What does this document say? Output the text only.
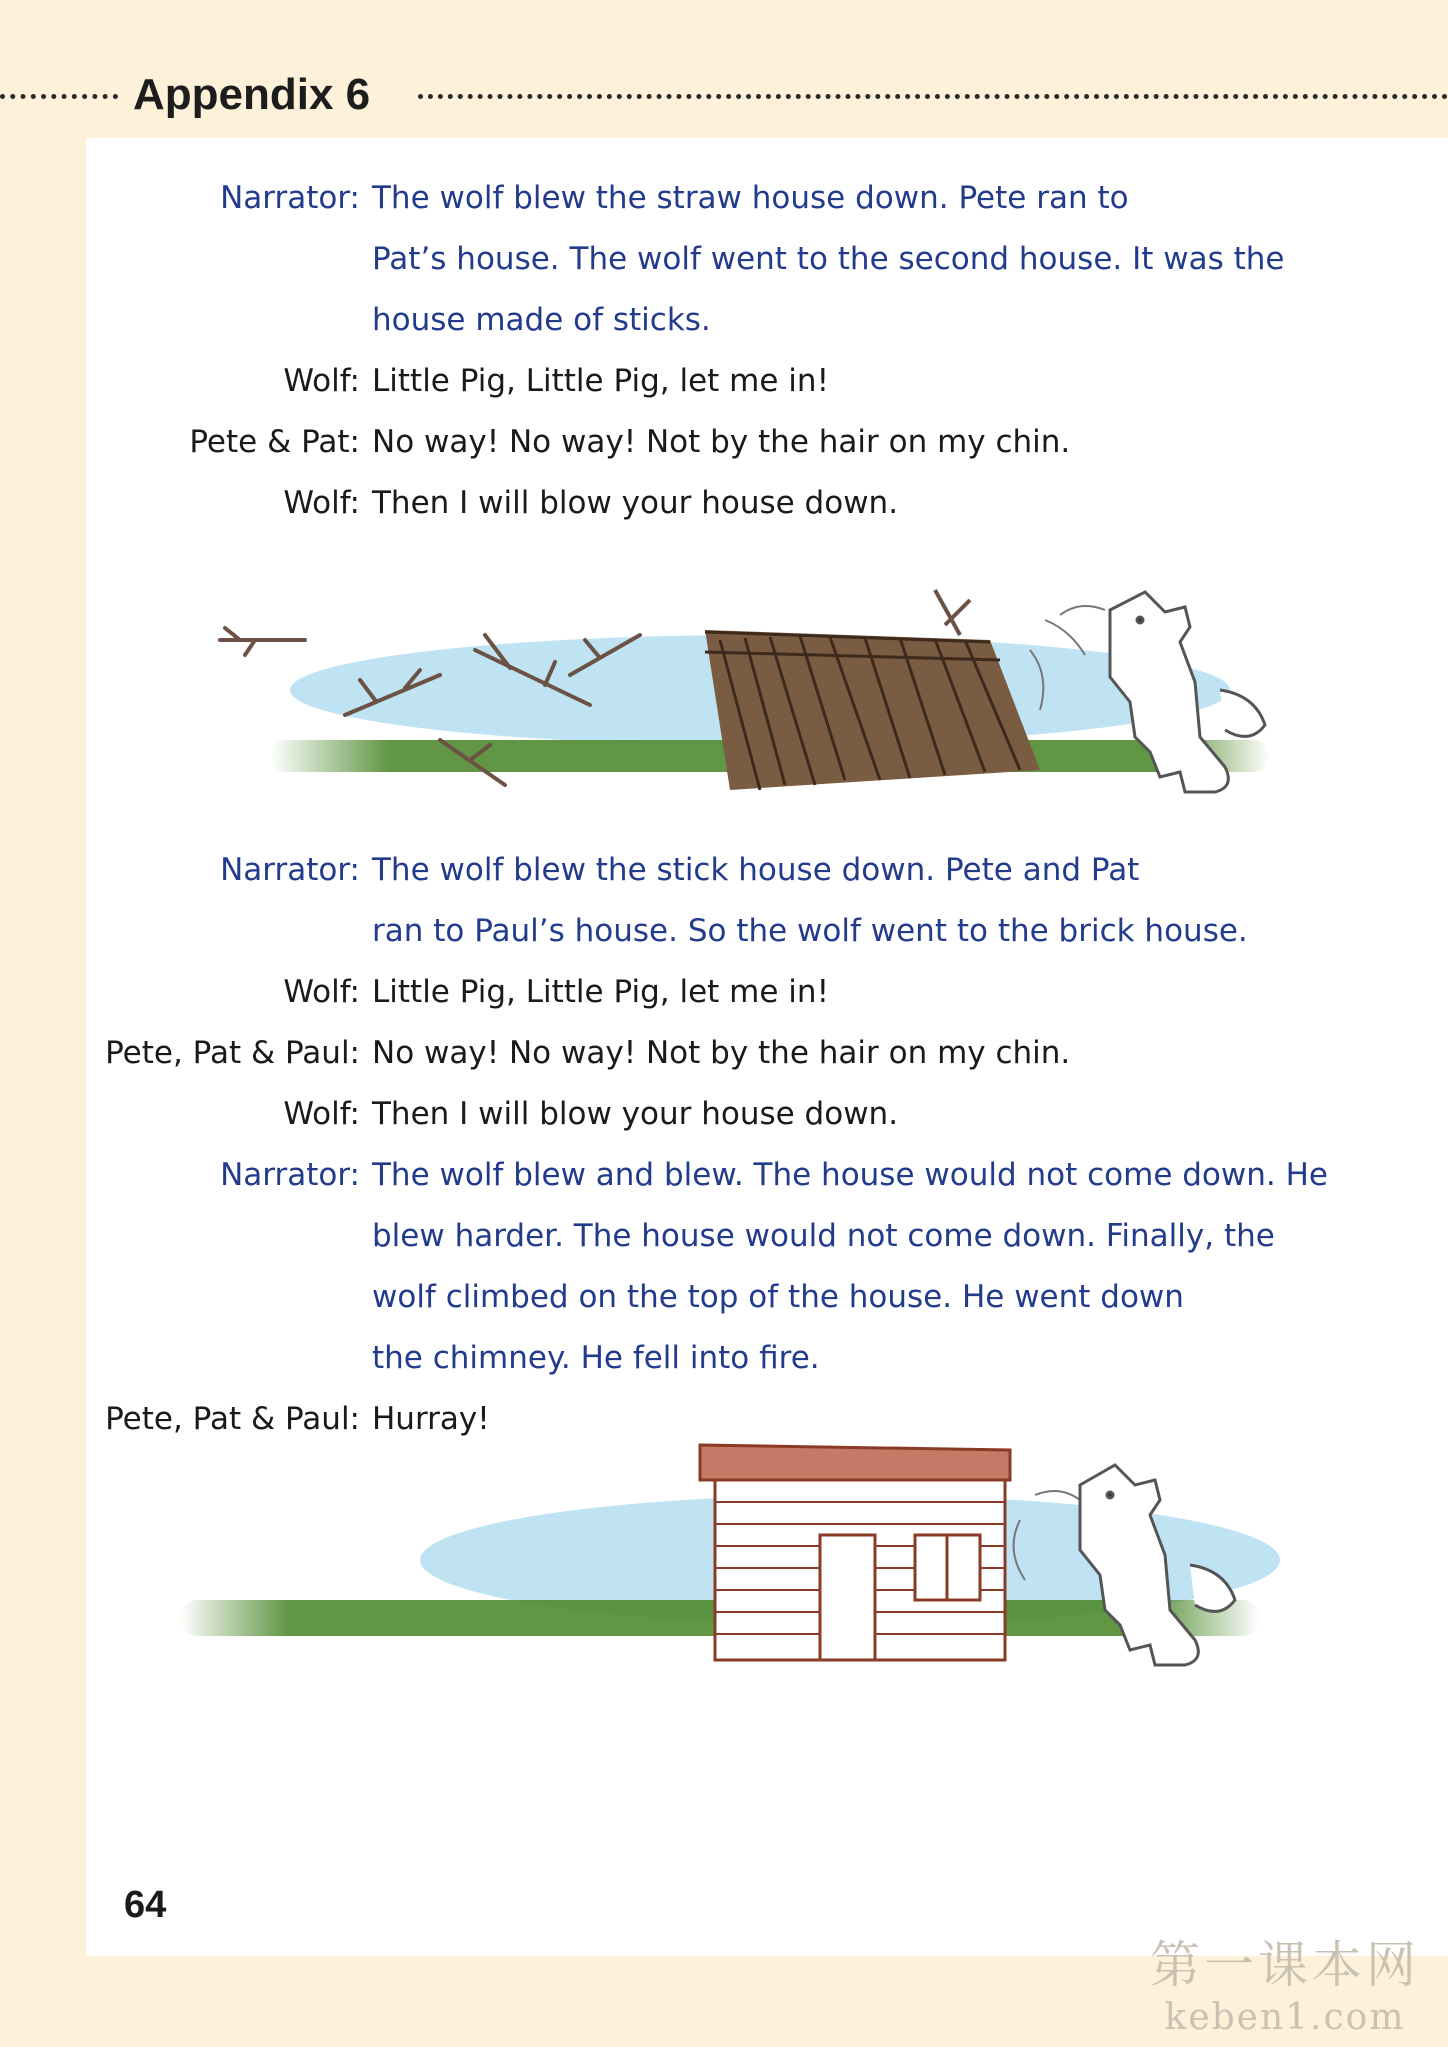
Appendix 6
Narrator: The wolf blew the straw house down. Pete ran to
Pat’s house. The wolf went to the second house. It was the
house made of sticks.
Wolf: Little Pig, Little Pig, let me in!
Pete & Pat: No way! No way! Not by the hair on my chin.
Wolf: Then I will blow your house down.
Narrator: The wolf blew the stick house down. Pete and Pat
ran to Paul’s house. So the wolf went to the brick house.
Wolf: Little Pig, Little Pig, let me in!
Pete, Pat & Paul: No way! No way! Not by the hair on my chin.
Wolf: Then I will blow your house down.
Narrator: The wolf blew and blew. The house would not come down. He
blew harder. The house would not come down. Finally, the
wolf climbed on the top of the house. He went down
the chimney. He fell into fire.
Pete, Pat & Paul: Hurray!
64
第一课本网
keben1.com
